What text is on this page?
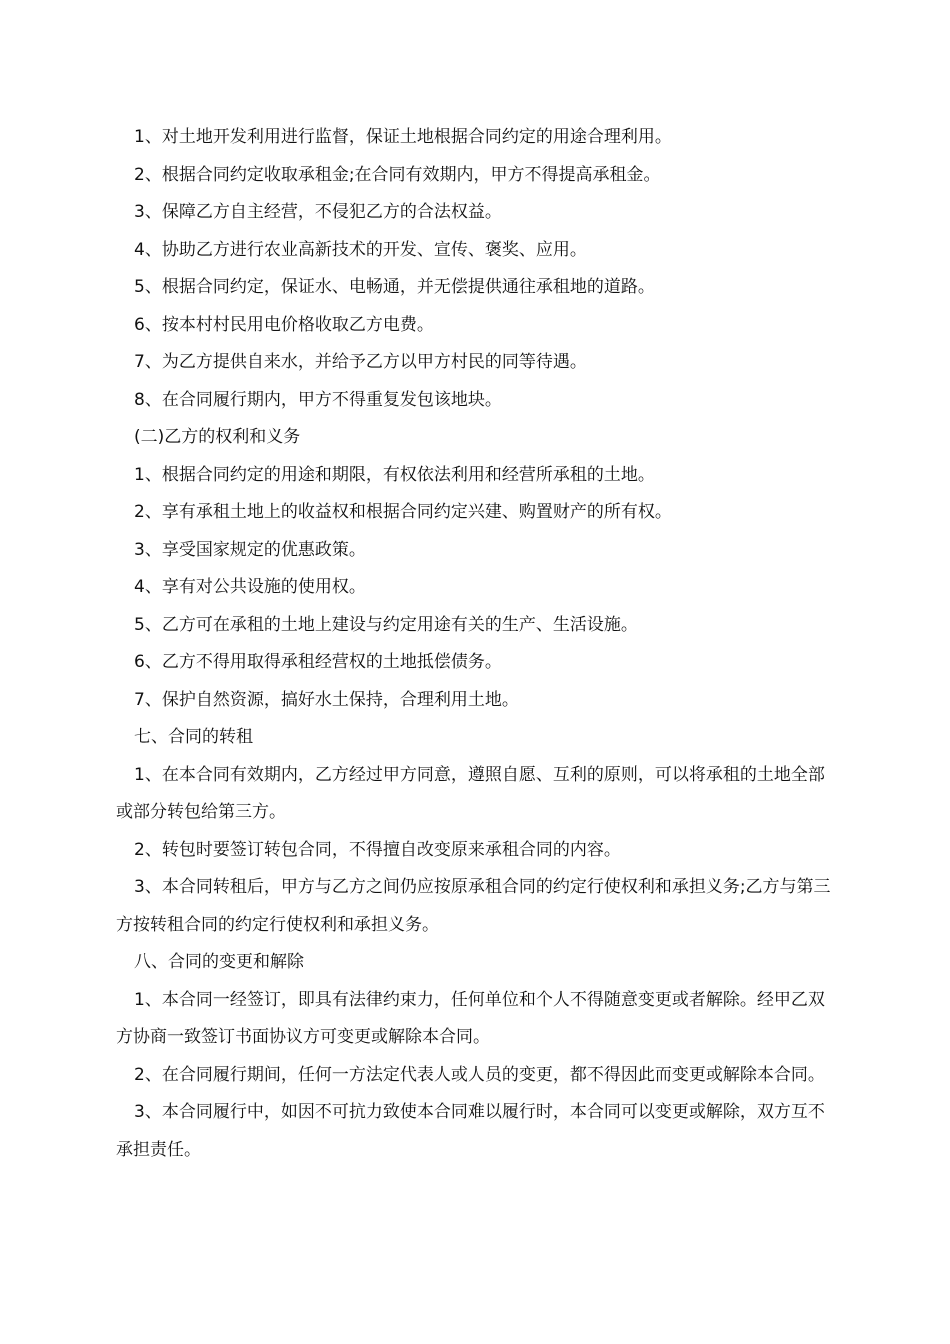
1、对土地开发利用进行监督，保证土地根据合同约定的用途合理利用。

2、根据合同约定收取承租金;在合同有效期内，甲方不得提高承租金。

3、保障乙方自主经营，不侵犯乙方的合法权益。

4、协助乙方进行农业高新技术的开发、宣传、褒奖、应用。

5、根据合同约定，保证水、电畅通，并无偿提供通往承租地的道路。

6、按本村村民用电价格收取乙方电费。

7、为乙方提供自来水，并给予乙方以甲方村民的同等待遇。

8、在合同履行期内，甲方不得重复发包该地块。

(二)乙方的权利和义务

1、根据合同约定的用途和期限，有权依法利用和经营所承租的土地。

2、享有承租土地上的收益权和根据合同约定兴建、购置财产的所有权。

3、享受国家规定的优惠政策。

4、享有对公共设施的使用权。

5、乙方可在承租的土地上建设与约定用途有关的生产、生活设施。

6、乙方不得用取得承租经营权的土地抵偿债务。

7、保护自然资源，搞好水土保持，合理利用土地。

七、合同的转租

1、在本合同有效期内，乙方经过甲方同意，遵照自愿、互利的原则，可以将承租的土地全部或部分转包给第三方。

2、转包时要签订转包合同，不得擅自改变原来承租合同的内容。

3、本合同转租后，甲方与乙方之间仍应按原承租合同的约定行使权利和承担义务;乙方与第三方按转租合同的约定行使权利和承担义务。

八、合同的变更和解除

1、本合同一经签订，即具有法律约束力，任何单位和个人不得随意变更或者解除。经甲乙双方协商一致签订书面协议方可变更或解除本合同。

2、在合同履行期间，任何一方法定代表人或人员的变更，都不得因此而变更或解除本合同。

3、本合同履行中，如因不可抗力致使本合同难以履行时，本合同可以变更或解除，双方互不承担责任。
